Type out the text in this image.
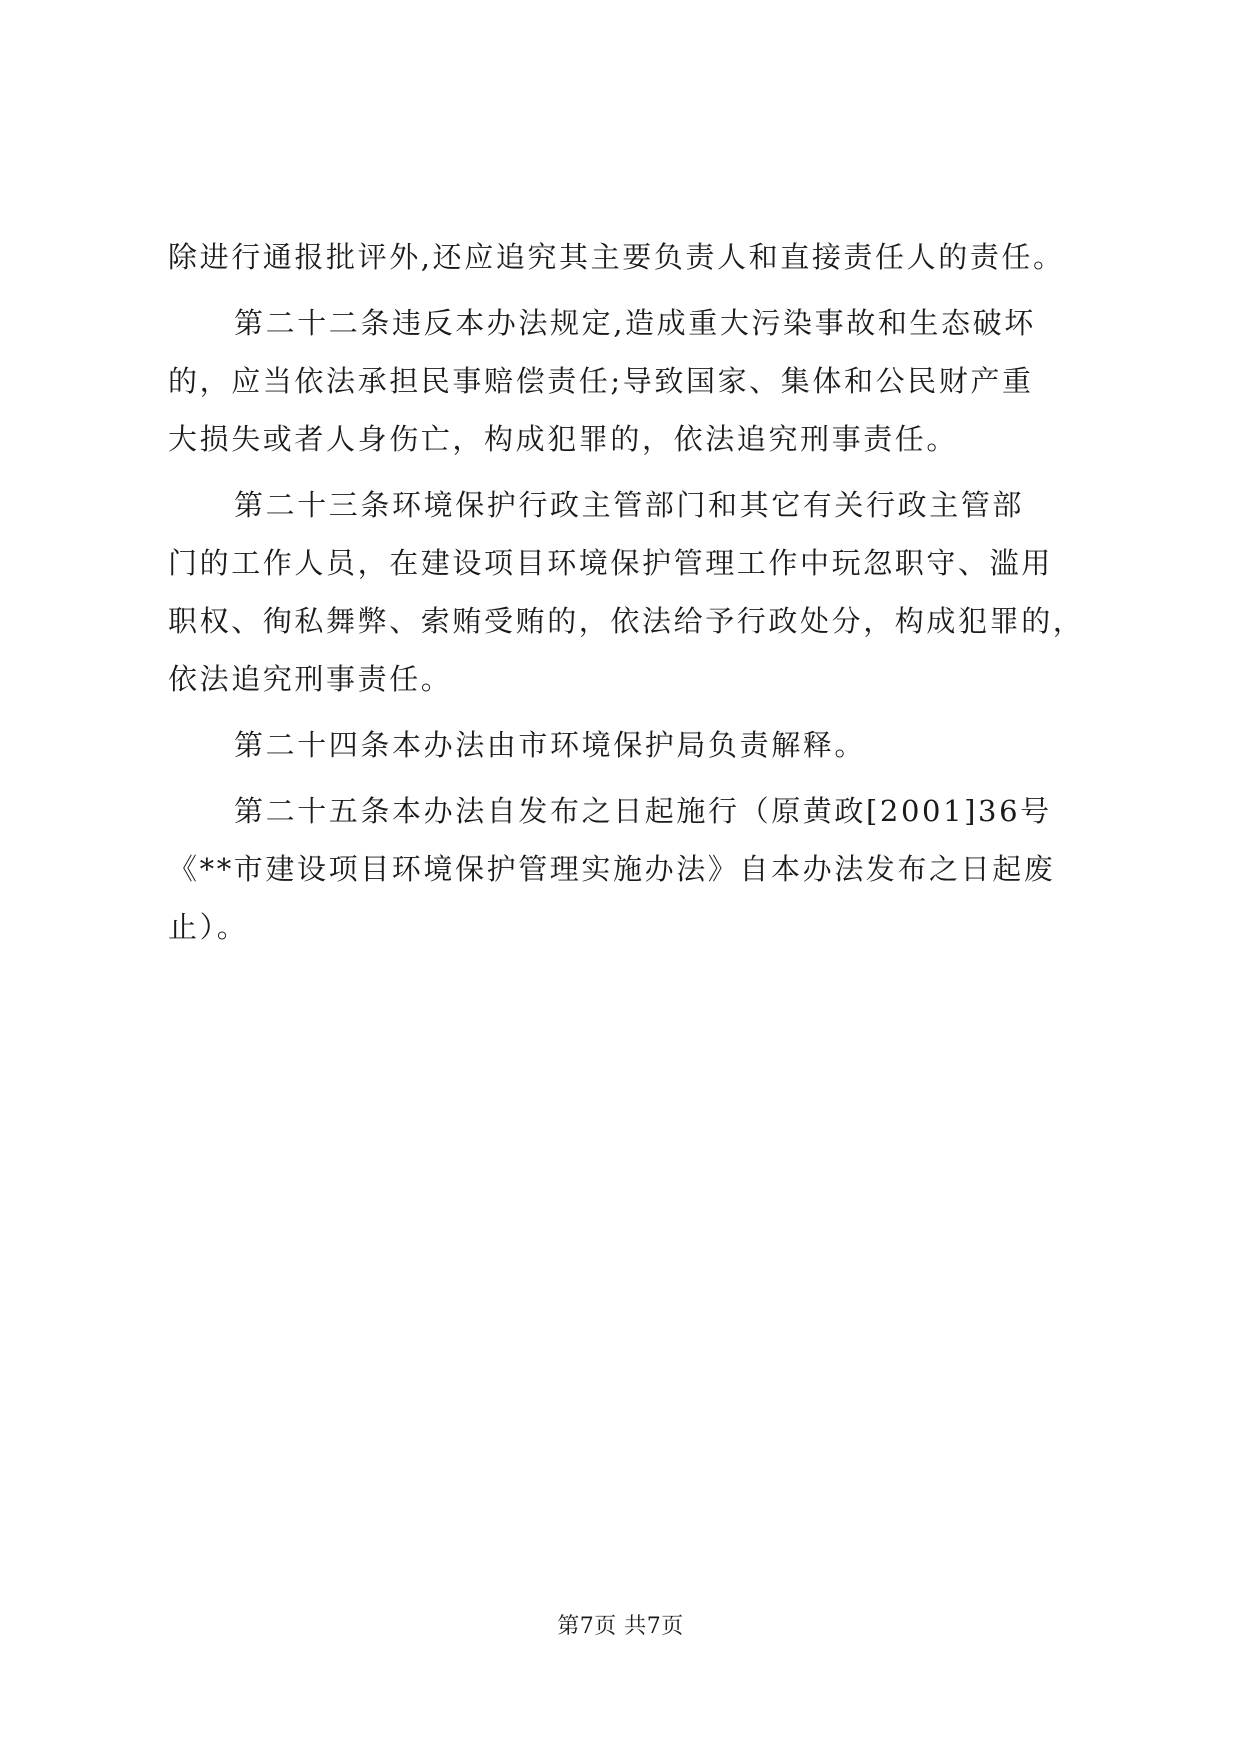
除进行通报批评外,还应追究其主要负责人和直接责任人的责任。
第二十二条违反本办法规定,造成重大污染事故和生态破坏
的，应当依法承担民事赔偿责任;导致国家、集体和公民财产重
大损失或者人身伤亡，构成犯罪的，依法追究刑事责任。
第二十三条环境保护行政主管部门和其它有关行政主管部
门的工作人员，在建设项目环境保护管理工作中玩忽职守、滥用
职权、徇私舞弊、索贿受贿的，依法给予行政处分，构成犯罪的，
依法追究刑事责任。
第二十四条本办法由市环境保护局负责解释。
第二十五条本办法自发布之日起施行（原黄政[2001]36号
《**市建设项目环境保护管理实施办法》自本办法发布之日起废
止）。
第7页 共7页
